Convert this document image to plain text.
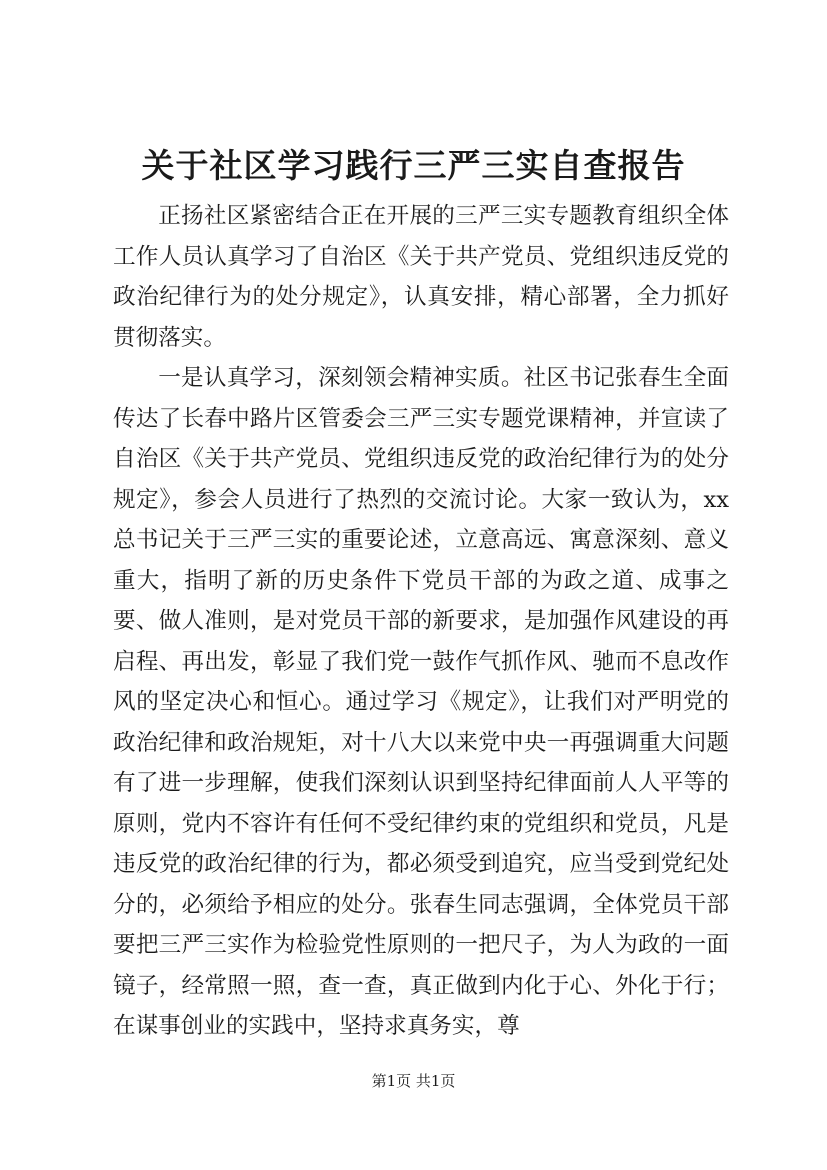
关于社区学习践行三严三实自查报告

正扬社区紧密结合正在开展的三严三实专题教育组织全体工作人员认真学习了自治区《关于共产党员、党组织违反党的政治纪律行为的处分规定》，认真安排，精心部署，全力抓好贯彻落实。

一是认真学习，深刻领会精神实质。社区书记张春生全面传达了长春中路片区管委会三严三实专题党课精神，并宣读了自治区《关于共产党员、党组织违反党的政治纪律行为的处分规定》，参会人员进行了热烈的交流讨论。大家一致认为，xx总书记关于三严三实的重要论述，立意高远、寓意深刻、意义重大，指明了新的历史条件下党员干部的为政之道、成事之要、做人准则，是对党员干部的新要求，是加强作风建设的再启程、再出发，彰显了我们党一鼓作气抓作风、驰而不息改作风的坚定决心和恒心。通过学习《规定》，让我们对严明党的政治纪律和政治规矩，对十八大以来党中央一再强调重大问题有了进一步理解，使我们深刻认识到坚持纪律面前人人平等的原则，党内不容许有任何不受纪律约束的党组织和党员，凡是违反党的政治纪律的行为，都必须受到追究，应当受到党纪处分的，必须给予相应的处分。张春生同志强调，全体党员干部要把三严三实作为检验党性原则的一把尺子，为人为政的一面镜子，经常照一照，查一查，真正做到内化于心、外化于行；在谋事创业的实践中，坚持求真务实，尊

第1页 共1页
